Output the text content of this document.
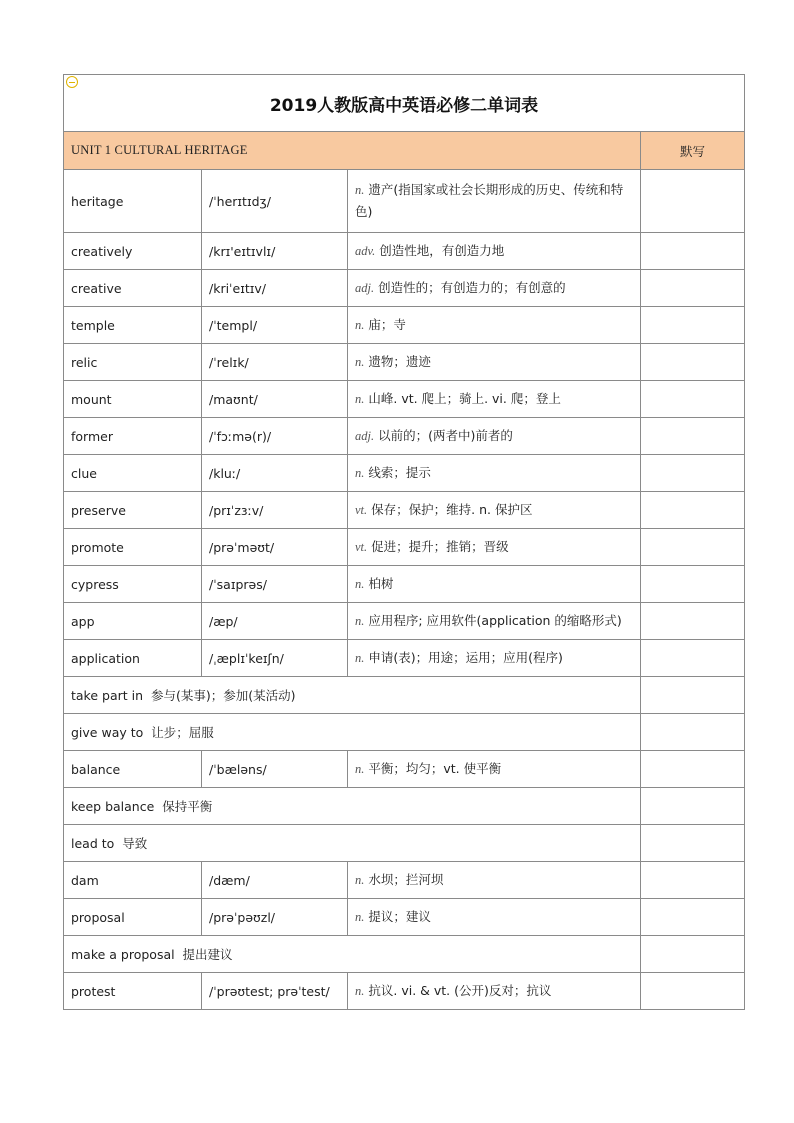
2019人教版高中英语必修二单词表			
UNIT 1 CULTURAL HERITAGE			默写
heritage	/ˈherɪtɪdʒ/	n. 遗产(指国家或社会长期形成的历史、传统和特色)	
creatively	/krɪ'eɪtɪvlɪ/	adv. 创造性地，有创造力地	
creative	/kriˈeɪtɪv/	adj. 创造性的；有创造力的；有创意的	
temple	/ˈtempl/	n. 庙；寺	
relic	/ˈrelɪk/	n. 遗物；遗迹	
mount	/maʊnt/	n. 山峰. vt. 爬上；骑上. vi. 爬；登上	
former	/ˈfɔːmə(r)/	adj. 以前的；(两者中)前者的	
clue	/kluː/	n. 线索；提示	
preserve	/prɪˈzɜːv/	vt. 保存；保护；维持. n. 保护区	
promote	/prəˈməʊt/	vt. 促进；提升；推销；晋级	
cypress	/ˈsaɪprəs/	n. 柏树	
app	/æp/	n. 应用程序; 应用软件(application 的缩略形式)	
application	/ˌæplɪˈkeɪʃn/	n. 申请(表)；用途；运用；应用(程序)	
take part in  参与(某事)；参加(某活动)			
give way to  让步；屈服			
balance	/ˈbæləns/	n. 平衡；均匀；vt. 使平衡	
keep balance  保持平衡			
lead to  导致			
dam	/dæm/	n. 水坝；拦河坝	
proposal	/prəˈpəʊzl/	n. 提议；建议	
make a proposal  提出建议			
protest	/ˈprəʊtest; prəˈtest/	n. 抗议. vi. & vt. (公开)反对；抗议	
